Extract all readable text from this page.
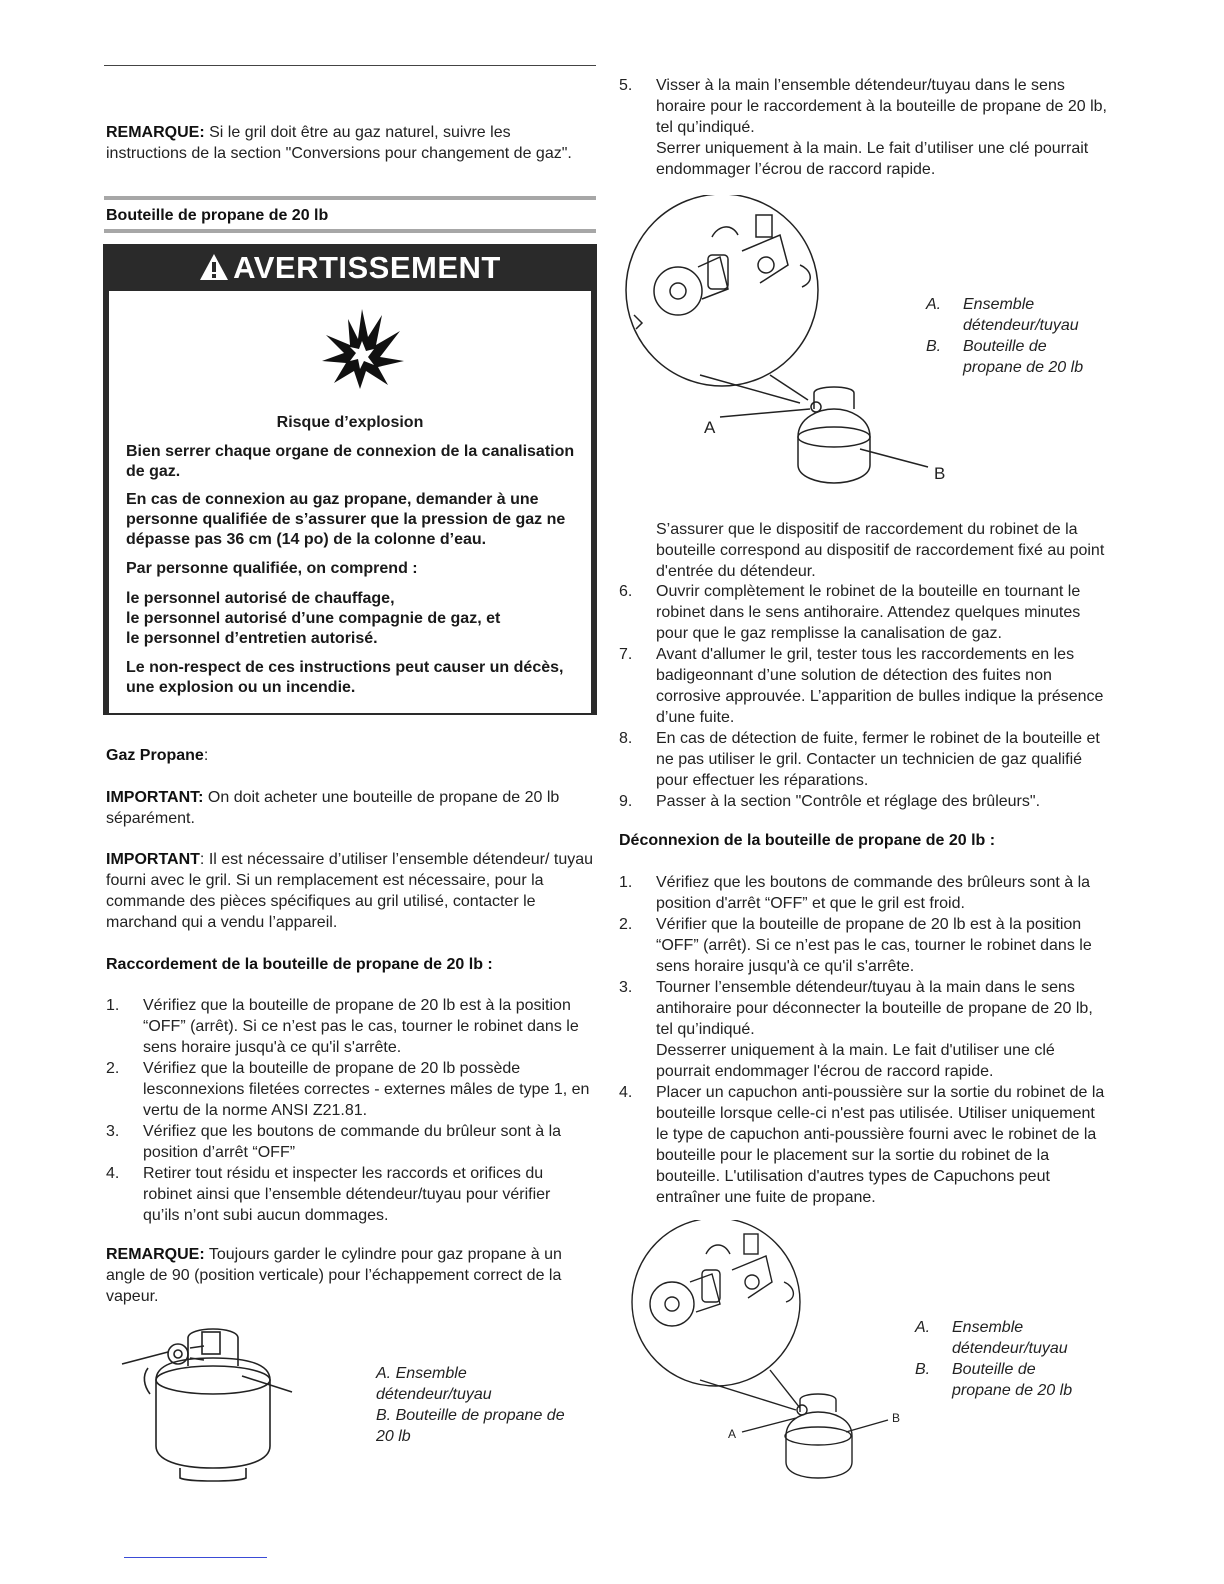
REMARQUE: Si le gril doit être au gaz naturel, suivre les instructions de la section "Conversions pour changement de gaz".

Bouteille de propane de 20 lb
AVERTISSEMENT
Risque d’explosion
Bien serrer chaque organe de connexion de la canalisation de gaz.
En cas de connexion au gaz propane, demander à une personne qualifiée de s’assurer que la pression de gaz ne dépasse pas 36 cm (14 po) de la colonne d’eau.
Par personne qualifiée, on comprend :
le personnel autorisé de chauffage,
le personnel autorisé d’une compagnie de gaz, et
le personnel d’entretien autorisé.
Le non-respect de ces instructions peut causer un décès, une explosion ou un incendie.
Gaz Propane:

IMPORTANT: On doit acheter une bouteille de propane de 20 lb séparément.

IMPORTANT: Il est nécessaire d’utiliser l’ensemble détendeur/ tuyau fourni avec le gril. Si un remplacement est nécessaire, pour la commande des pièces spécifiques au gril utilisé, contacter le marchand qui a vendu l’appareil.

Raccordement de la bouteille de propane de 20 lb :
1. Vérifiez que la bouteille de propane de 20 lb est à la position “OFF” (arrêt). Si ce n’est pas le cas, tourner le robinet dans le sens horaire jusqu'à ce qu'il s'arrête.
2. Vérifiez que la bouteille de propane de 20 lb possède lesconnexions filetées correctes - externes mâles de type 1, en vertu de la norme ANSI Z21.81.
3. Vérifiez que les boutons de commande du brûleur sont à la position d’arrêt “OFF”
4. Retirer tout résidu et inspecter les raccords et orifices du robinet ainsi que l’ensemble détendeur/tuyau pour vérifier qu’ils n’ont subi aucun dommages.

REMARQUE: Toujours garder le cylindre pour gaz propane à un angle de 90 (position verticale) pour l’échappement correct de la vapeur.

A. Ensemble
détendeur/tuyau
B. Bouteille de propane de
20 lb
5. Visser à la main l’ensemble détendeur/tuyau dans le sens horaire pour le raccordement à la bouteille de propane de 20 lb, tel qu’indiqué.
Serrer uniquement à la main. Le fait d’utiliser une clé pourrait endommager l’écrou de raccord rapide.
A
B
A. Ensemble
détendeur/tuyau
B. Bouteille de
propane de 20 lb

S’assurer que le dispositif de raccordement du robinet de la bouteille correspond au dispositif de raccordement fixé au point d'entrée du détendeur.

6. Ouvrir complètement le robinet de la bouteille en tournant le robinet dans le sens antihoraire. Attendez quelques minutes pour que le gaz remplisse la canalisation de gaz.
7. Avant d'allumer le gril, tester tous les raccordements en les badigeonnant d’une solution de détection des fuites non corrosive approuvée. L’apparition de bulles indique la présence d’une fuite.
8. En cas de détection de fuite, fermer le robinet de la bouteille et ne pas utiliser le gril. Contacter un technicien de gaz qualifié pour effectuer les réparations.
9. Passer à la section "Contrôle et réglage des brûleurs".
Déconnexion de la bouteille de propane de 20 lb :
1. Vérifiez que les boutons de commande des brûleurs sont à la position d'arrêt “OFF” et que le gril est froid.
2. Vérifier que la bouteille de propane de 20 lb est à la position “OFF” (arrêt). Si ce n’est pas le cas, tourner le robinet dans le sens horaire jusqu'à ce qu'il s'arrête.
3. Tourner l’ensemble détendeur/tuyau à la main dans le sens antihoraire pour déconnecter la bouteille de propane de 20 lb, tel qu’indiqué.
Desserrer uniquement à la main. Le fait d'utiliser une clé pourrait endommager l'écrou de raccord rapide.
4. Placer un capuchon anti-poussière sur la sortie du robinet de la bouteille lorsque celle-ci n'est pas utilisée. Utiliser uniquement le type de capuchon anti-poussière fourni avec le robinet de la bouteille pour le placement sur la sortie du robinet de la bouteille. L'utilisation d'autres types de Capuchons peut entraîner une fuite de propane.
A
B
A. Ensemble
détendeur/tuyau
B. Bouteille de
propane de 20 lb
